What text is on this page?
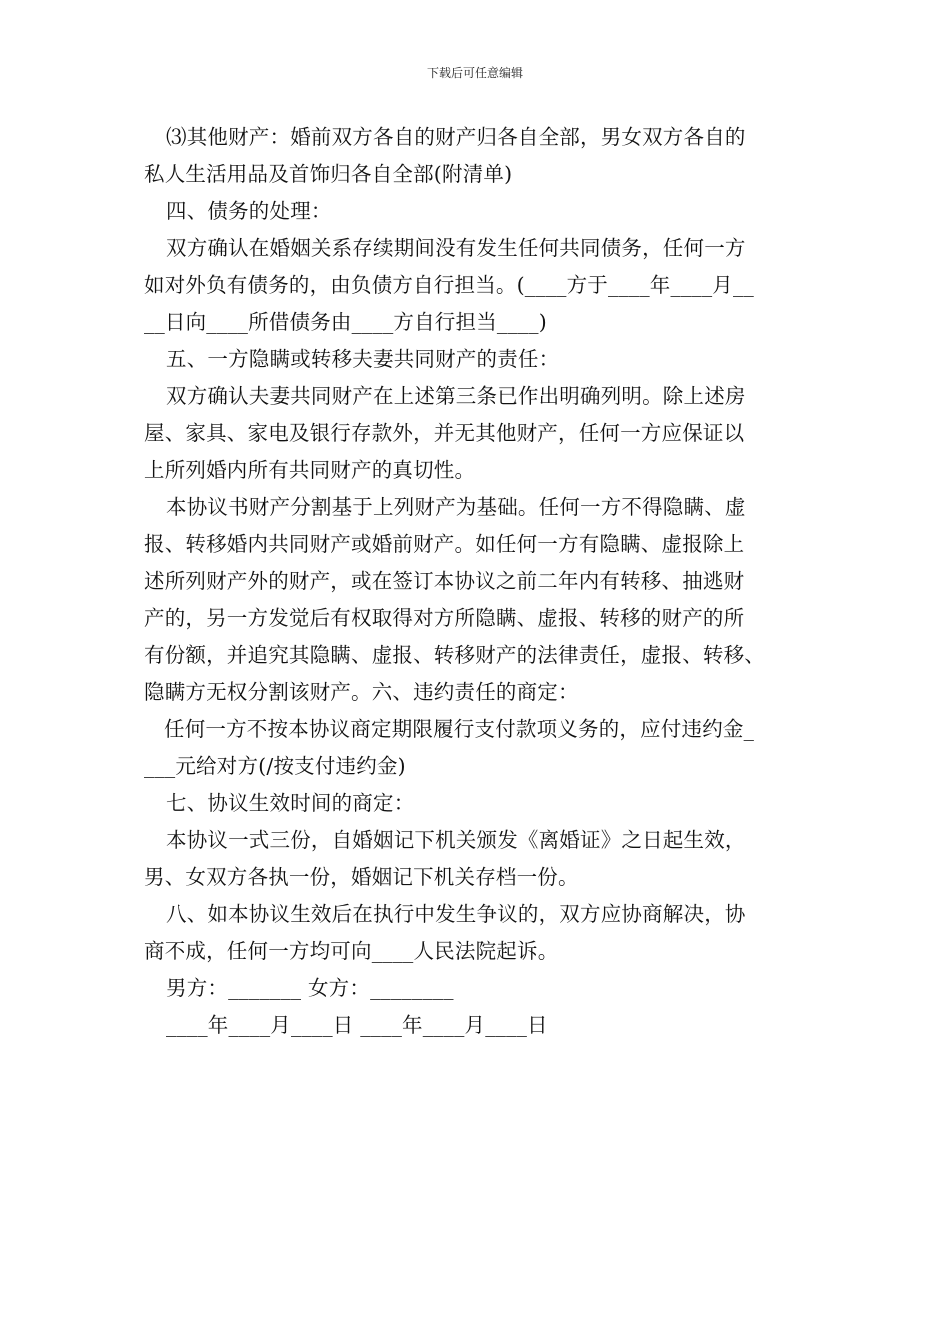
下载后可任意编辑
⑶其他财产：婚前双方各自的财产归各自全部，男女双方各自的
私人生活用品及首饰归各自全部(附清单)
四、债务的处理：
双方确认在婚姻关系存续期间没有发生任何共同债务，任何一方
如对外负有债务的，由负债方自行担当。(____方于____年____月__
__日向____所借债务由____方自行担当____)
五、一方隐瞒或转移夫妻共同财产的责任：
双方确认夫妻共同财产在上述第三条已作出明确列明。除上述房
屋、家具、家电及银行存款外，并无其他财产，任何一方应保证以
上所列婚内所有共同财产的真切性。
本协议书财产分割基于上列财产为基础。任何一方不得隐瞒、虚
报、转移婚内共同财产或婚前财产。如任何一方有隐瞒、虚报除上
述所列财产外的财产，或在签订本协议之前二年内有转移、抽逃财
产的，另一方发觉后有权取得对方所隐瞒、虚报、转移的财产的所
有份额，并追究其隐瞒、虚报、转移财产的法律责任，虚报、转移、
隐瞒方无权分割该财产。六、违约责任的商定：
任何一方不按本协议商定期限履行支付款项义务的，应付违约金_
___元给对方(/按支付违约金)
七、协议生效时间的商定：
本协议一式三份，自婚姻记下机关颁发《离婚证》之日起生效，
男、女双方各执一份，婚姻记下机关存档一份。
八、如本协议生效后在执行中发生争议的，双方应协商解决，协
商不成，任何一方均可向____人民法院起诉。
男方：_______ 女方：________
____年____月____日 ____年____月____日
